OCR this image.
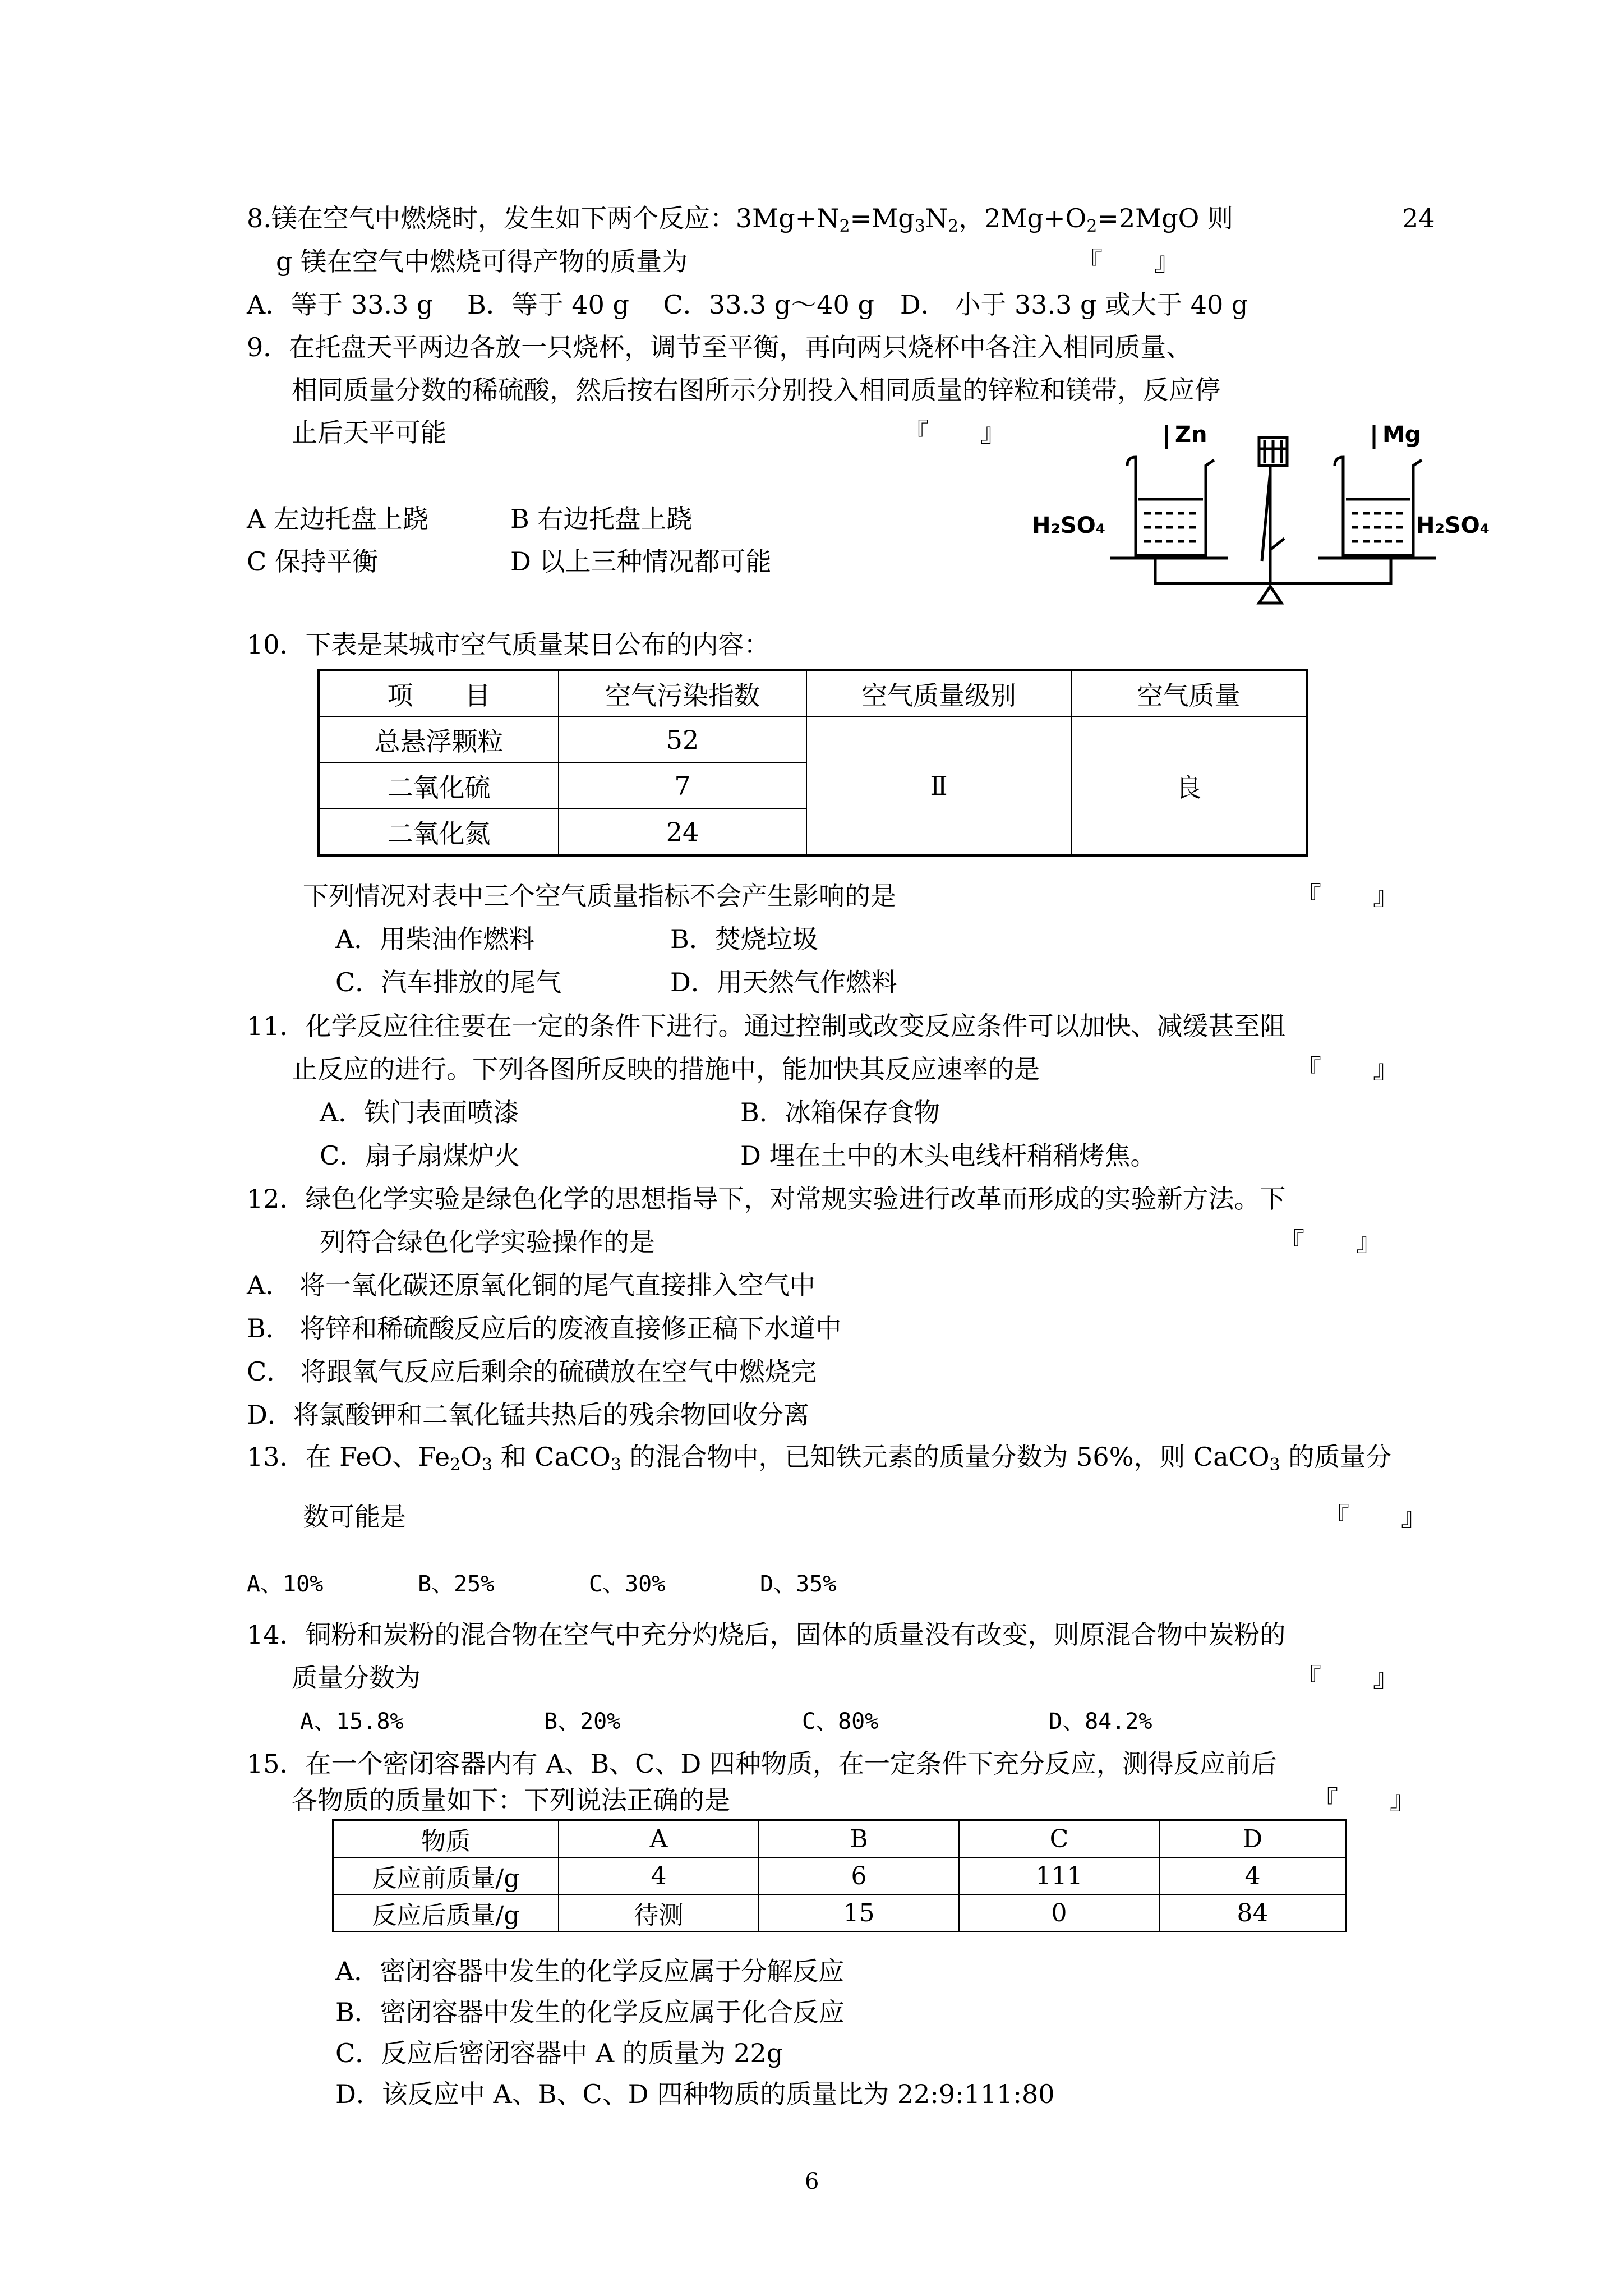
8.镁在空气中燃烧时，发生如下两个反应：$3Mg+N_2=Mg_3N_2$，$2Mg+O_2=2MgO$ 则	24
g 镁在空气中燃烧可得产物的质量为	『　　』
A．等于 33.3 g　 B．等于 40 g　 C．33.3 g～40 g　D． 小于 33.3 g 或大于 40 g
9．在托盘天平两边各放一只烧杯，调节至平衡，再向两只烧杯中各注入相同质量、
相同质量分数的稀硫酸，然后按右图所示分别投入相同质量的锌粒和镁带，反应停
止后天平可能	『　　』
A 左边托盘上跷	B 右边托盘上跷
C 保持平衡	D 以上三种情况都可能
Zn	Mg
H₂SO₄	H₂SO₄
10．下表是某城市空气质量某日公布的内容：
项　　目	空气污染指数	空气质量级别	空气质量
总悬浮颗粒	52	Ⅱ	良
二氧化硫	7		
二氧化氮	24		
下列情况对表中三个空气质量指标不会产生影响的是	『　　』
A．用柴油作燃料	B．焚烧垃圾
C．汽车排放的尾气	D．用天然气作燃料
11．化学反应往往要在一定的条件下进行。通过控制或改变反应条件可以加快、减缓甚至阻
止反应的进行。下列各图所反映的措施中，能加快其反应速率的是	『　　』
A．铁门表面喷漆	B．冰箱保存食物
C．扇子扇煤炉火	D 埋在土中的木头电线杆稍稍烤焦。
12．绿色化学实验是绿色化学的思想指导下，对常规实验进行改革而形成的实验新方法。下
列符合绿色化学实验操作的是	『　　』
A． 将一氧化碳还原氧化铜的尾气直接排入空气中
B． 将锌和稀硫酸反应后的废液直接修正稿下水道中
C． 将跟氧气反应后剩余的硫磺放在空气中燃烧完
D．将氯酸钾和二氧化锰共热后的残余物回收分离
13．在 FeO、$Fe_2O_3$ 和 CaCO$_3$ 的混合物中，已知铁元素的质量分数为 56%，则 CaCO$_3$ 的质量分
数可能是	『　　』
A、10%	B、25%	C、30%	D、35%
14．铜粉和炭粉的混合物在空气中充分灼烧后，固体的质量没有改变，则原混合物中炭粉的
质量分数为	『　　』
A、15.8%	B、20%	C、80%	D、84.2%
15．在一个密闭容器内有 A、B、C、D 四种物质，在一定条件下充分反应，测得反应前后
各物质的质量如下：下列说法正确的是	『　　』
物质	A	B	C	D
反应前质量/g	4	6	111	4
反应后质量/g	待测	15	0	84
A．密闭容器中发生的化学反应属于分解反应
B．密闭容器中发生的化学反应属于化合反应
C．反应后密闭容器中 A 的质量为 22g
D．该反应中 A、B、C、D 四种物质的质量比为 22:9:111:80
6
